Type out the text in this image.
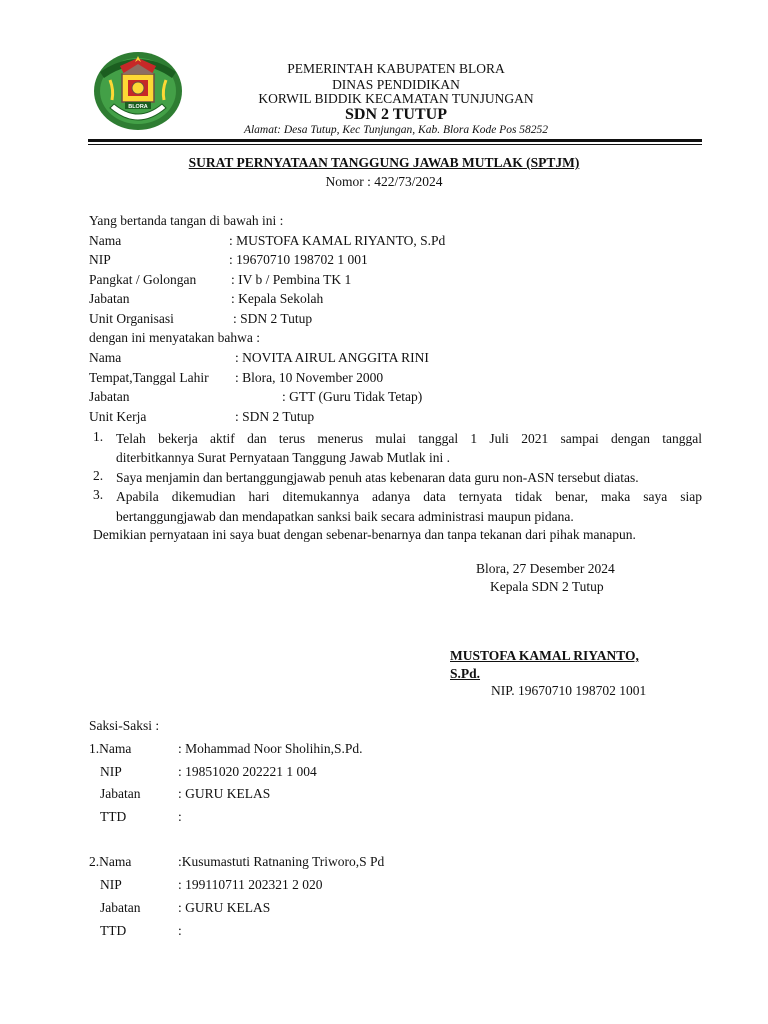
BLORA
PEMERINTAH KABUPATEN BLORA
DINAS PENDIDIKAN
KORWIL BIDDIK KECAMATAN TUNJUNGAN
SDN 2 TUTUP
Alamat: Desa Tutup, Kec Tunjungan, Kab. Blora Kode Pos 58252
SURAT PERNYATAAN TANGGUNG JAWAB MUTLAK (SPTJM)
Nomor : 422/73/2024
Yang bertanda tangan di bawah ini :
Nama	: MUSTOFA KAMAL RIYANTO, S.Pd
NIP	: 19670710 198702 1 001
Pangkat / Golongan	: IV b / Pembina TK 1
Jabatan	: Kepala Sekolah
Unit Organisasi	: SDN 2 Tutup
dengan ini menyatakan bahwa :
Nama	: NOVITA AIRUL ANGGITA RINI
Tempat,Tanggal Lahir : Blora, 10 November 2000
Jabatan	: GTT (Guru Tidak Tetap)
Unit Kerja	: SDN 2 Tutup
1. Telah bekerja aktif dan terus menerus mulai tanggal 1 Juli 2021 sampai dengan tanggal
diterbitkannya Surat Pernyataan Tanggung Jawab Mutlak ini .
2. Saya menjamin dan bertanggungjawab penuh atas kebenaran data guru non-ASN tersebut diatas.
3. Apabila dikemudian hari ditemukannya adanya data ternyata tidak benar, maka saya siap
bertanggungjawab dan mendapatkan sanksi baik secara administrasi maupun pidana.
Demikian pernyataan ini saya buat dengan sebenar-benarnya dan tanpa tekanan dari pihak manapun.
Blora, 27 Desember 2024
Kepala SDN 2 Tutup
MUSTOFA KAMAL RIYANTO,
S.Pd.
NIP. 19670710 198702 1001
Saksi-Saksi :
1.Nama	: Mohammad Noor Sholihin,S.Pd.
NIP	: 19851020 202221 1 004
Jabatan	: GURU KELAS
TTD	:
2.Nama	:Kusumastuti Ratnaning Triworo,S Pd
NIP	: 199110711 202321 2 020
Jabatan	: GURU KELAS
TTD	:
